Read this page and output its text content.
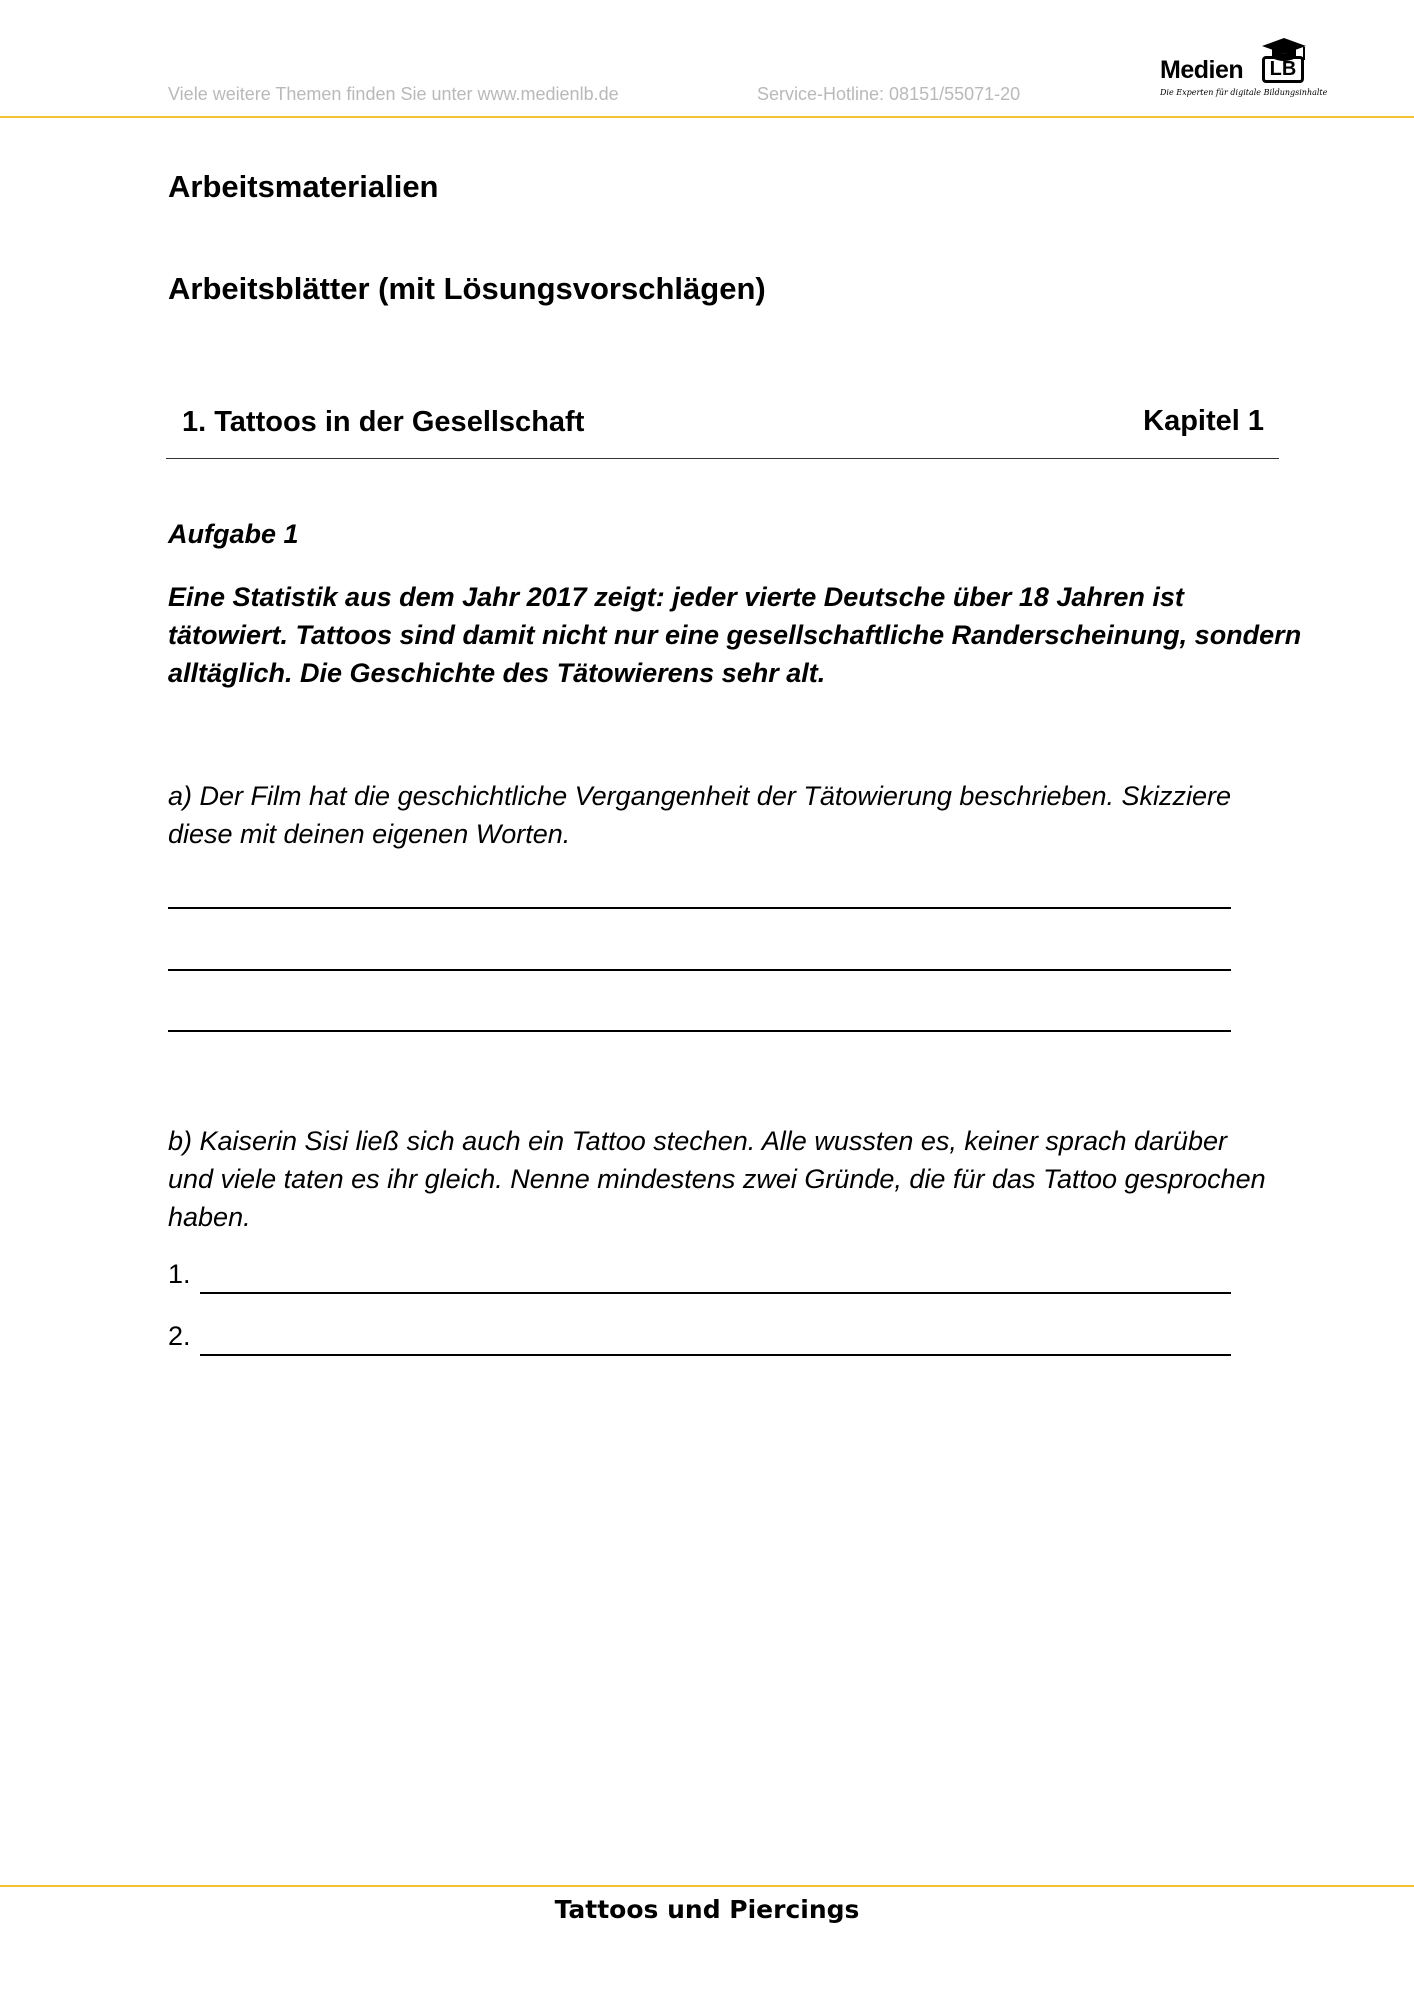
Viele weitere Themen finden Sie unter www.medienlb.de	Service-Hotline: 08151/55071-20
Medien	LB
Die Experten für digitale Bildungsinhalte
Arbeitsmaterialien
Arbeitsblätter (mit Lösungsvorschlägen)
1. Tattoos in der Gesellschaft	Kapitel 1
Aufgabe 1
Eine Statistik aus dem Jahr 2017 zeigt: jeder vierte Deutsche über 18 Jahren ist tätowiert. Tattoos sind damit nicht nur eine gesellschaftliche Randerscheinung, sondern alltäglich. Die Geschichte des Tätowierens sehr alt.
a) Der Film hat die geschichtliche Vergangenheit der Tätowierung beschrieben. Skizziere diese mit deinen eigenen Worten.
b) Kaiserin Sisi ließ sich auch ein Tattoo stechen. Alle wussten es, keiner sprach darüber und viele taten es ihr gleich. Nenne mindestens zwei Gründe, die für das Tattoo gesprochen haben.
1.
2.
Tattoos und Piercings
